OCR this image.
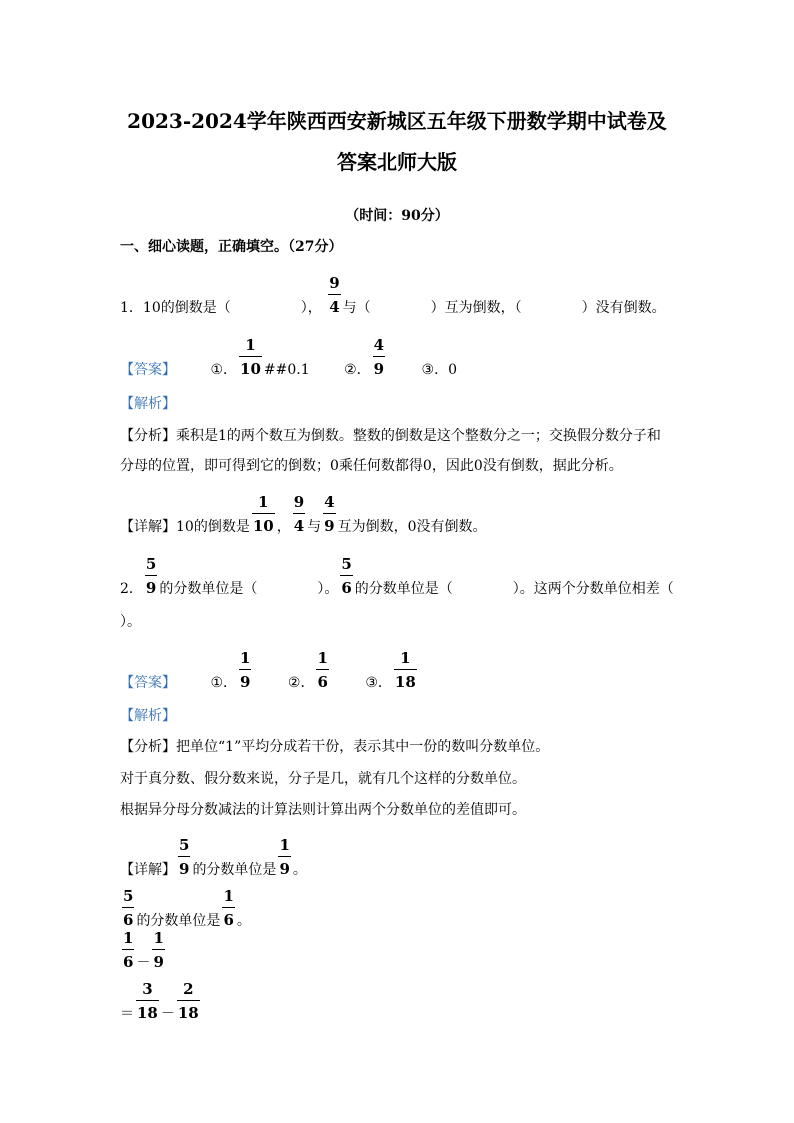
2023-2024学年陕西西安新城区五年级下册数学期中试卷及
答案北师大版
（时间：90分）
一、细心读题，正确填空。（27分）
1．10的倒数是（	），
9
4 与（	）互为倒数，（	）没有倒数。
【答案】 ①．
1
10 ##0.1 ②．
4
9	③．0
【解析】
【分析】乘积是1的两个数互为倒数。整数的倒数是这个整数分之一；交换假分数分子和
分母的位置，即可得到它的倒数；0乘任何数都得0，因此0没有倒数，据此分析。
【详解】10的倒数是
1
10 ，
9
4 与
4
9 互为倒数，0没有倒数。
2．
5
9 的分数单位是（	）。
5
6 的分数单位是（	）。这两个分数单位相差（
）。
【答案】 ①．
1
9	②．
1
6	③．
1
18
【解析】
【分析】把单位“1”平均分成若干份，表示其中一份的数叫分数单位。
对于真分数、假分数来说，分子是几，就有几个这样的分数单位。
根据异分母分数减法的计算法则计算出两个分数单位的差值即可。
【详解】
5
9 的分数单位是
1
9 。
5
6 的分数单位是
1
6 。
1
6 －
1
9
＝
3
18 －
2
18
